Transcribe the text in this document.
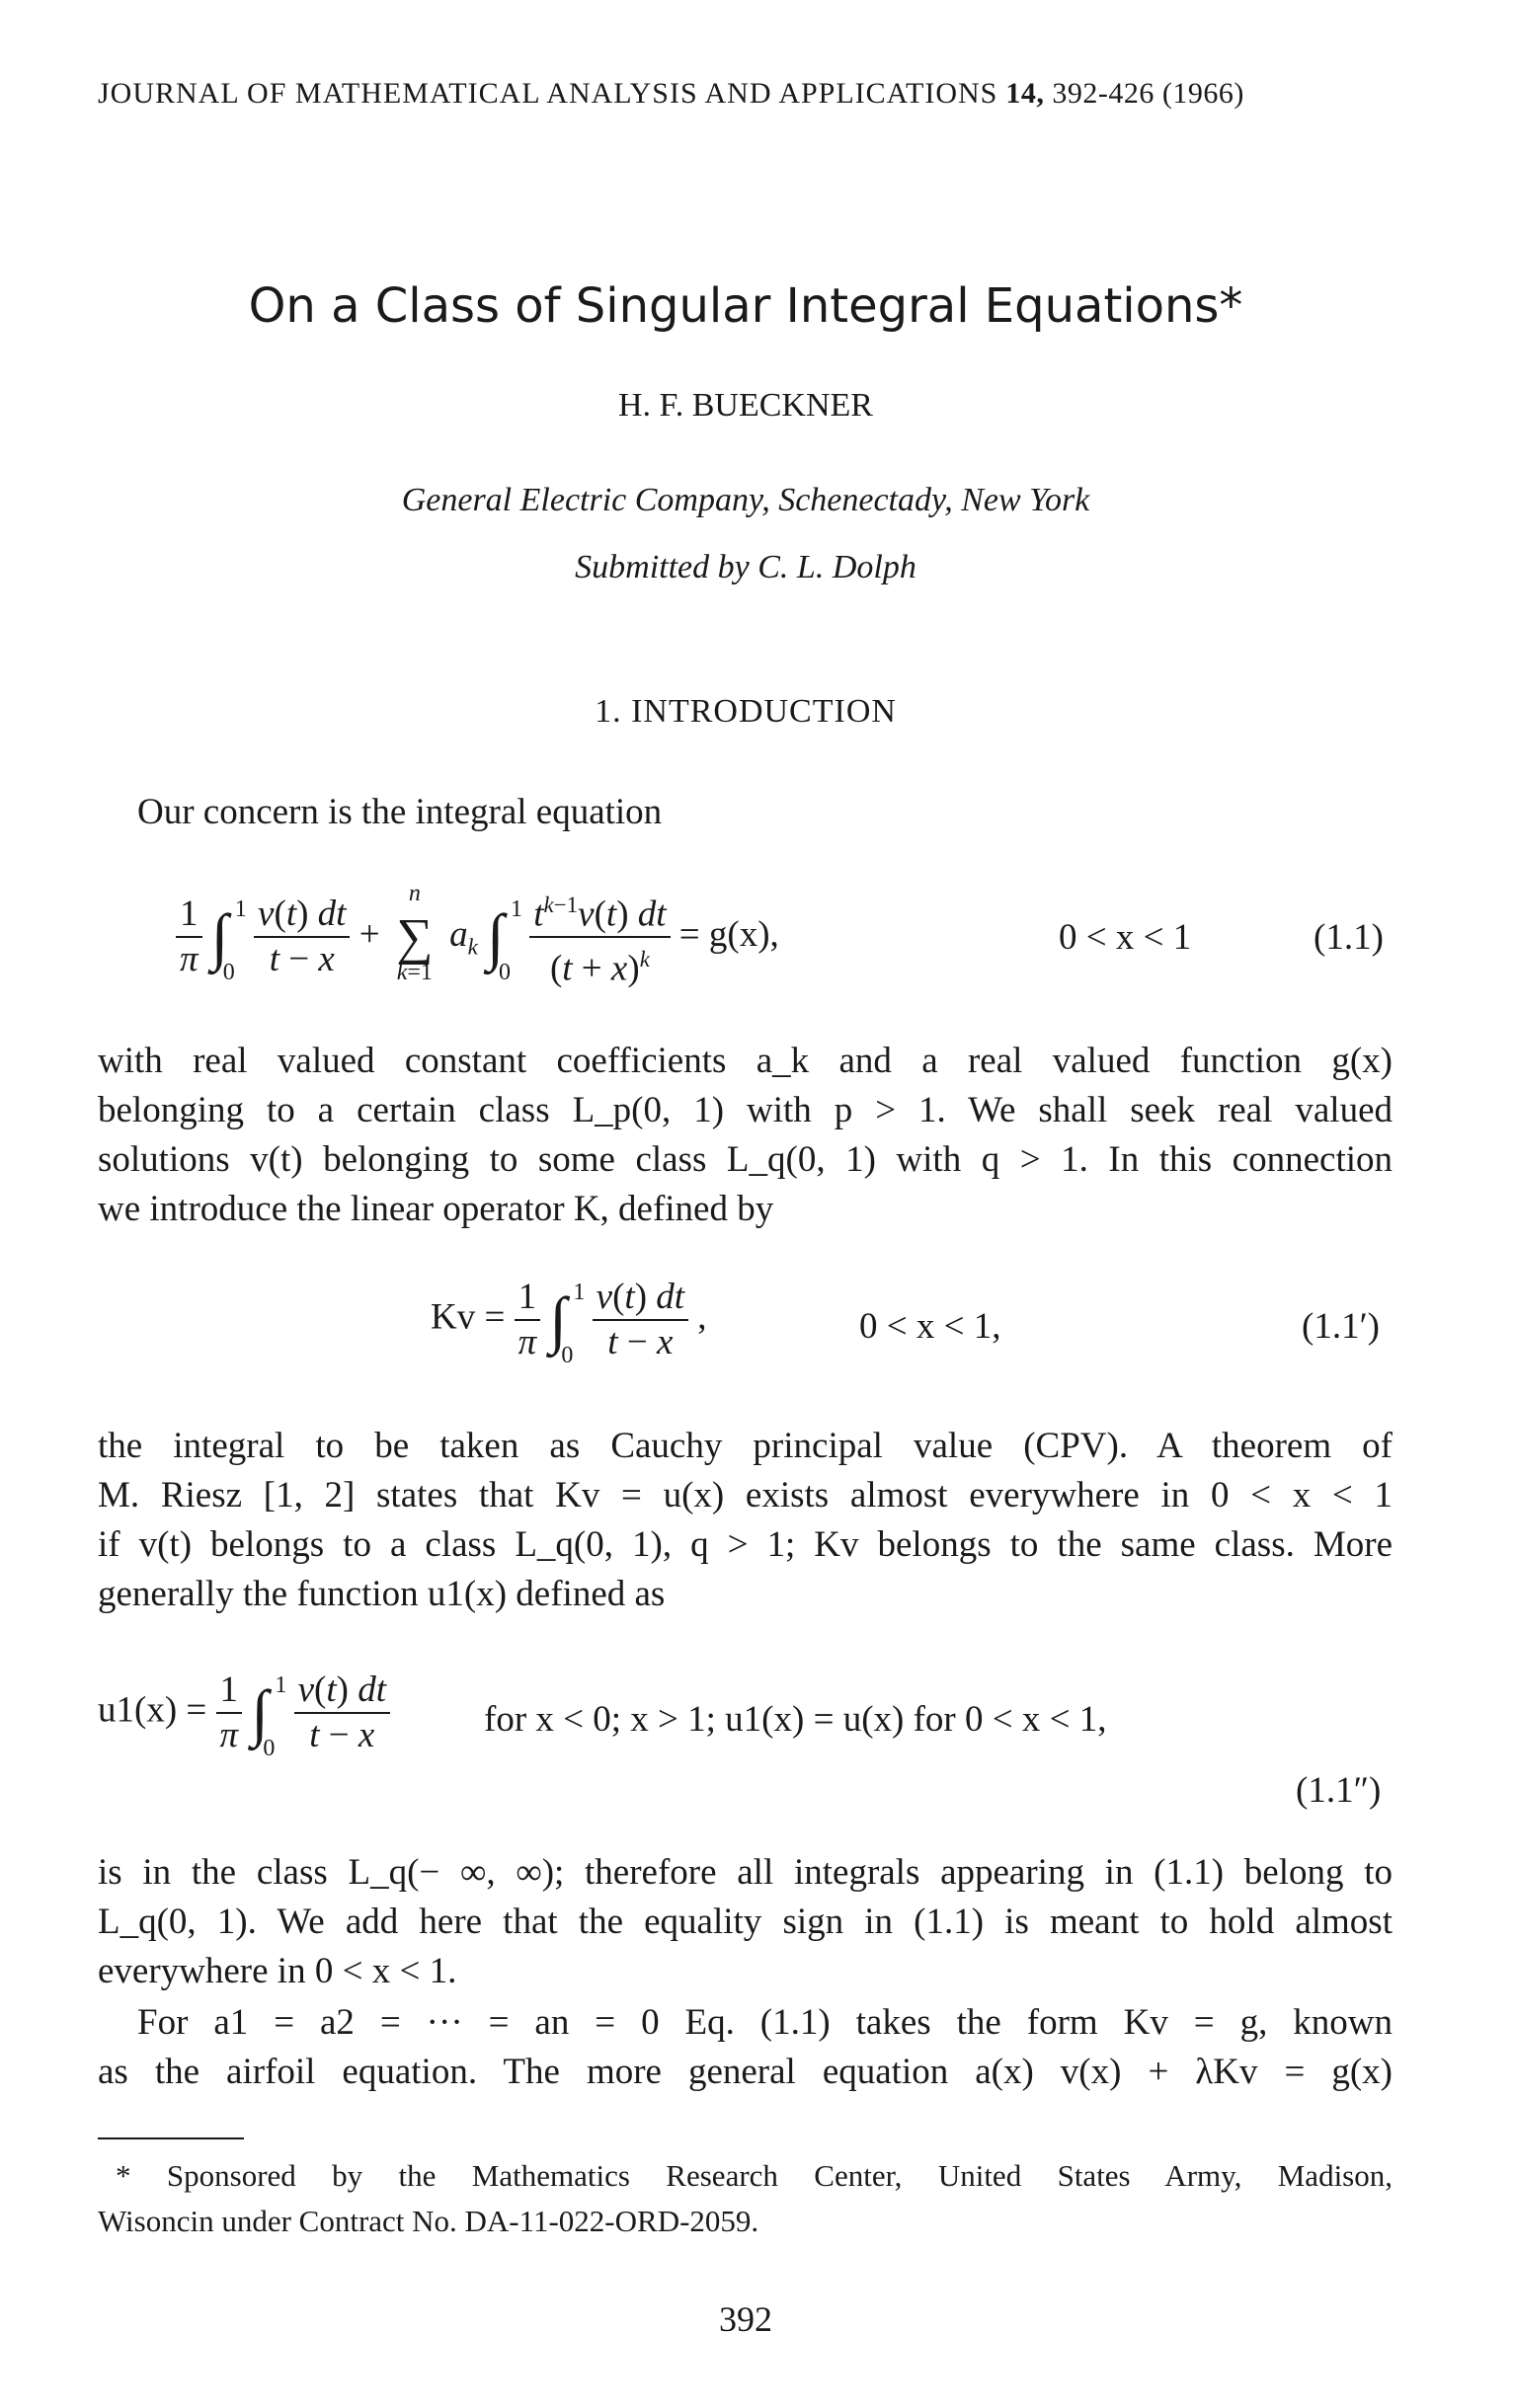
JOURNAL OF MATHEMATICAL ANALYSIS AND APPLICATIONS 14, 392-426 (1966)
On a Class of Singular Integral Equations*
H. F. BUECKNER
General Electric Company, Schenectady, New York
Submitted by C. L. Dolph
1. INTRODUCTION
Our concern is the integral equation
$\frac{1}{\pi}$ ∫ 1
0
$\frac{v(t) dt}{t - x}$ + ∑
n
k=1
$a_k$ ∫ 1
0
$\frac{t^{k-1}v(t) dt}{(t + x)^k} = g(x)$,	0 < x < 1	(1.1)
with real valued constant coefficients a_k and a real valued function g(x)
belonging to a certain class L_p(0, 1) with p > 1. We shall seek real valued
solutions v(t) belonging to some class L_q(0, 1) with q > 1. In this connection
we introduce the linear operator K, defined by
$Kv = \frac{1}{\pi}$ ∫ 1
0
$\frac{v(t) dt}{t - x}$ ,	0 < x < 1,	(1.1′)
the integral to be taken as Cauchy principal value (CPV). A theorem of
M. Riesz [1, 2] states that Kv = u(x) exists almost everywhere in 0 < x < 1
if v(t) belongs to a class L_q(0, 1), q > 1; Kv belongs to the same class. More
generally the function u1(x) defined as
$u1(x) = \frac{1}{\pi}$ ∫ 1
0
$\frac{v(t) dt}{t - x}$	for x < 0; x > 1; u1(x) = u(x) for 0 < x < 1,
(1.1″)
is in the class L_q(− ∞, ∞); therefore all integrals appearing in (1.1) belong to
L_q(0, 1). We add here that the equality sign in (1.1) is meant to hold almost
everywhere in 0 < x < 1.
For a1 = a2 = ··· = an = 0 Eq. (1.1) takes the form Kv = g, known
as the airfoil equation. The more general equation a(x) v(x) + λKv = g(x)
* Sponsored by the Mathematics Research Center, United States Army, Madison,
Wisoncin under Contract No. DA-11-022-ORD-2059.
392
